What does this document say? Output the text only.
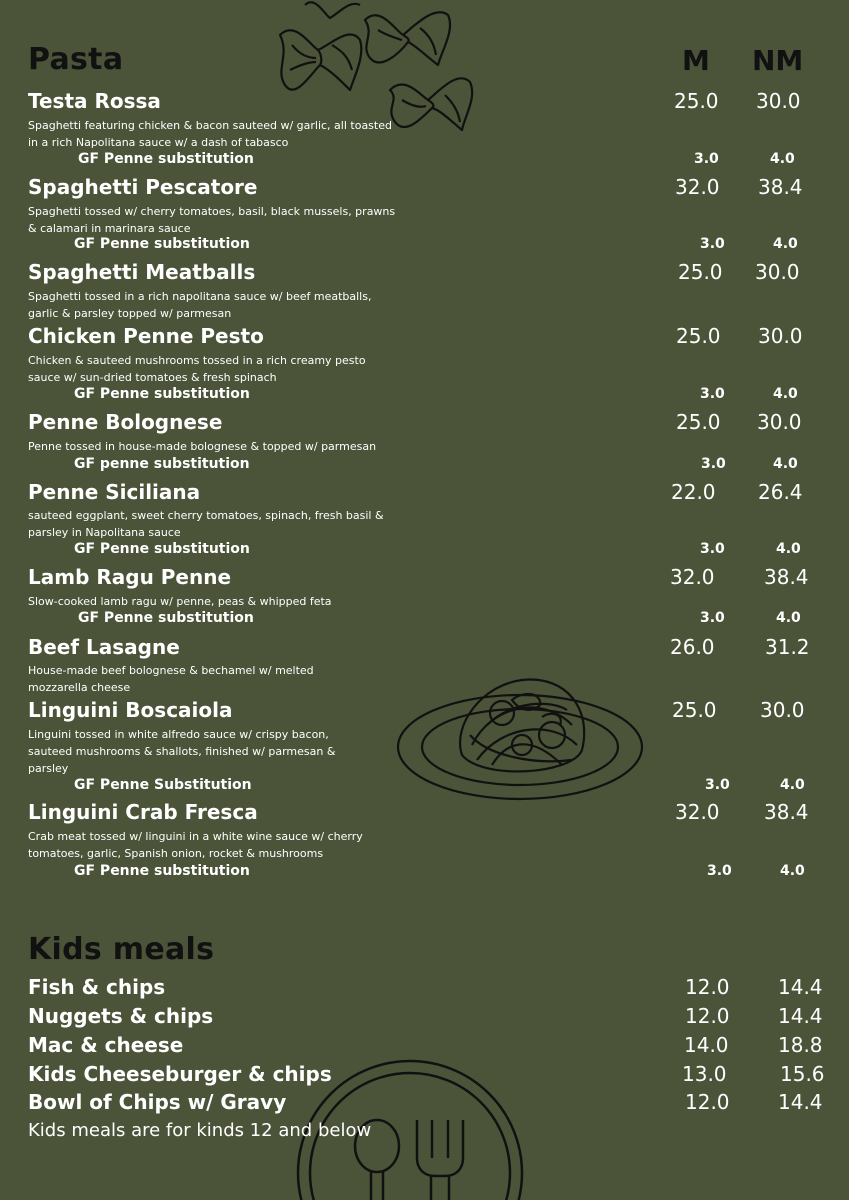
Pasta	M NM
Testa Rossa	25.0 30.0
Spaghetti featuring chicken & bacon sauteed w/ garlic, all toasted in a rich Napolitana sauce w/ a dash of tabasco
GF Penne substitution	3.0	4.0
Spaghetti Pescatore	32.0 38.4
Spaghetti tossed w/ cherry tomatoes, basil, black mussels, prawns & calamari in marinara sauce
GF Penne substitution	3.0	4.0
Spaghetti Meatballs	25.0 30.0
Spaghetti tossed in a rich napolitana sauce w/ beef meatballs, garlic & parsley topped w/ parmesan
Chicken Penne Pesto	25.0 30.0
Chicken & sauteed mushrooms tossed in a rich creamy pesto sauce w/ sun-dried tomatoes & fresh spinach
GF Penne substitution	3.0	4.0
Penne Bolognese	25.0 30.0
Penne tossed in house-made bolognese & topped w/ parmesan
GF penne substitution	3.0	4.0
Penne Siciliana	22.0 26.4
sauteed eggplant, sweet cherry tomatoes, spinach, fresh basil & parsley in Napolitana sauce
GF Penne substitution	3.0	4.0
Lamb Ragu Penne	32.0 38.4
Slow-cooked lamb ragu w/ penne, peas & whipped feta
GF Penne substitution	3.0	4.0
Beef Lasagne	26.0	31.2
House-made beef bolognese & bechamel w/ melted mozzarella cheese
Linguini Boscaiola	25.0 30.0
Linguini tossed in white alfredo sauce w/ crispy bacon, sauteed mushrooms & shallots, finished w/ parmesan & parsley
GF Penne Substitution	3.0	4.0
Linguini Crab Fresca	32.0 38.4
Crab meat tossed w/ linguini in a white wine sauce w/ cherry tomatoes, garlic, Spanish onion, rocket & mushrooms
GF Penne substitution	3.0	4.0
Kids meals
Fish & chips	12.0 14.4
Nuggets & chips	12.0 14.4
Mac & cheese	14.0 18.8
Kids Cheeseburger & chips	13.0	15.6
Bowl of Chips w/ Gravy	12.0 14.4
Kids meals are for kinds 12 and below
